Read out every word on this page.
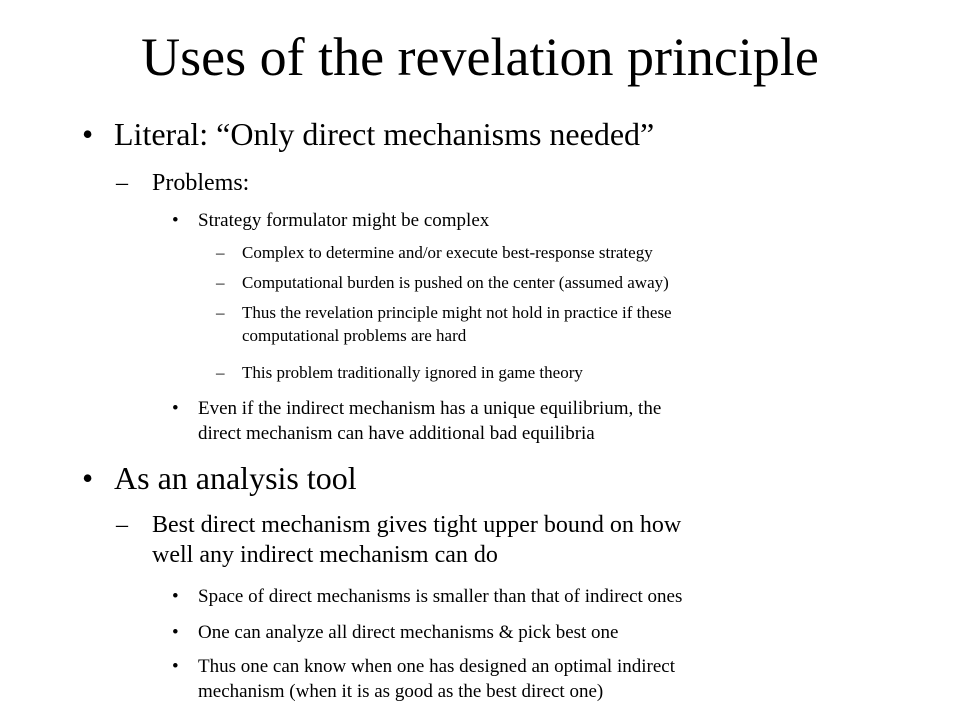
Uses of the revelation principle
• Literal: “Only direct mechanisms needed”
– Problems:
• Strategy formulator might be complex
– Complex to determine and/or execute best-response strategy
– Computational burden is pushed on the center (assumed away)
– Thus the revelation principle might not hold in practice if these
computational problems are hard
– This problem traditionally ignored in game theory
• Even if the indirect mechanism has a unique equilibrium, the
direct mechanism can have additional bad equilibria
• As an analysis tool
– Best direct mechanism gives tight upper bound on how
well any indirect mechanism can do
• Space of direct mechanisms is smaller than that of indirect ones
• One can analyze all direct mechanisms & pick best one
• Thus one can know when one has designed an optimal indirect
mechanism (when it is as good as the best direct one)
